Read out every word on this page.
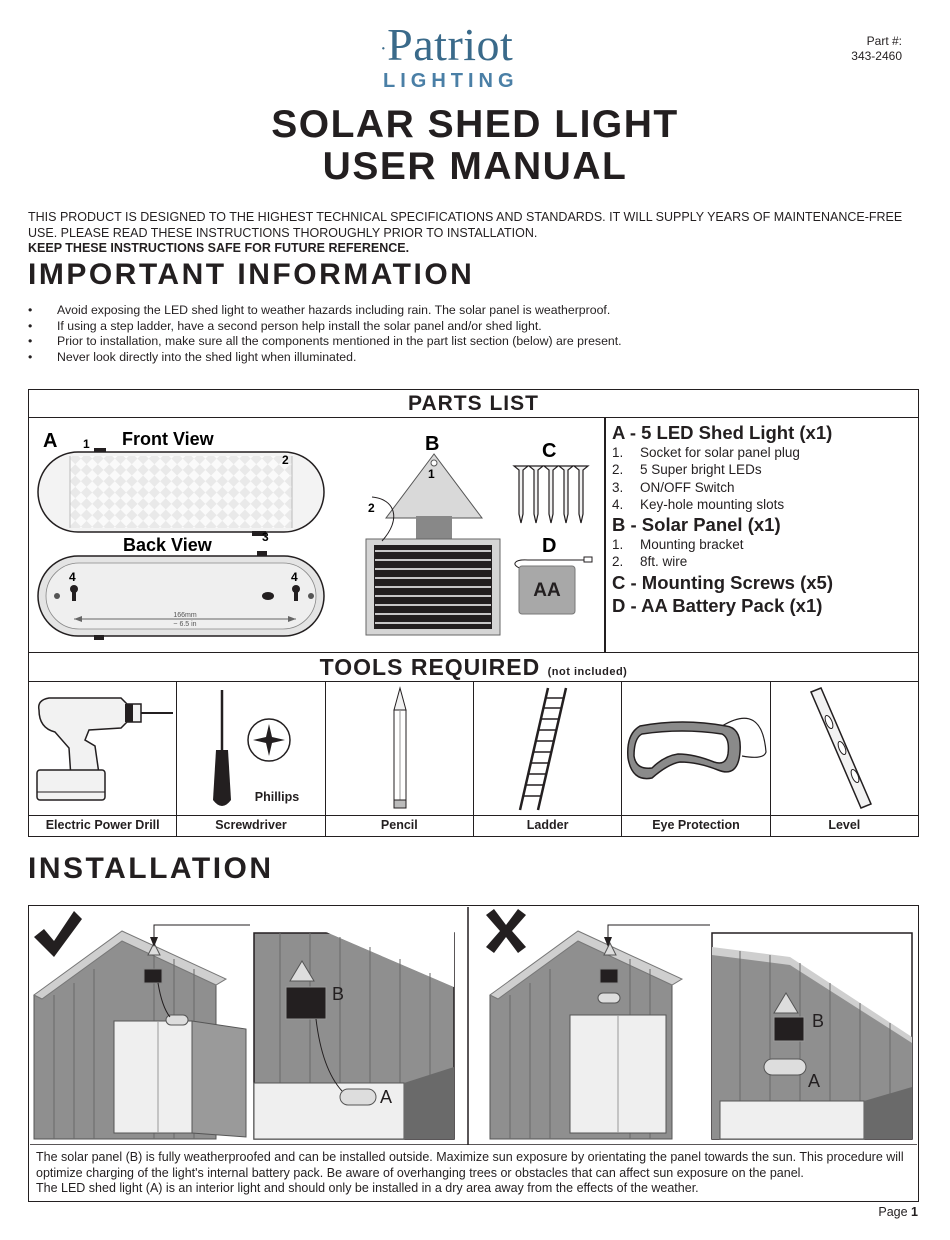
·Patriot
LIGHTING
Part #:
343-2460
SOLAR SHED LIGHT
USER MANUAL
THIS PRODUCT IS DESIGNED TO THE HIGHEST TECHNICAL SPECIFICATIONS AND STANDARDS. IT WILL SUPPLY YEARS OF MAINTENANCE-FREE USE. PLEASE READ THESE INSTRUCTIONS THOROUGHLY PRIOR TO INSTALLATION.
KEEP THESE INSTRUCTIONS SAFE FOR FUTURE REFERENCE.
IMPORTANT INFORMATION
• Avoid exposing the LED shed light to weather hazards including rain. The solar panel is weatherproof.
• If using a step ladder, have a second person help install the solar panel and/or shed light.
• Prior to installation, make sure all the components mentioned in the part list section (below) are present.
• Never look directly into the shed light when illuminated.
PARTS LIST
A 1 Front View
2
3
Back View
4	4
166mm
~ 6.5 in
B
1
2
C
D
AA
A - 5 LED Shed Light (x1)
1. Socket for solar panel plug
2. 5 Super bright LEDs
3. ON/OFF Switch
4. Key-hole mounting slots
B - Solar Panel (x1)
1. Mounting bracket
2. 8ft. wire
C - Mounting Screws (x5)
D - AA Battery Pack (x1)
TOOLS REQUIRED (not included)
Electric Power Drill
Phillips
Screwdriver	Pencil	Ladder	Eye Protection	Level
INSTALLATION
B
A
B
A
The solar panel (B) is fully weatherproofed and can be installed outside. Maximize sun exposure by orientating the panel towards the sun. This procedure will optimize charging of the light's internal battery pack. Be aware of overhanging trees or obstacles that can affect sun exposure on the panel.
The LED shed light (A) is an interior light and should only be installed in a dry area away from the effects of the weather.
Page 1
